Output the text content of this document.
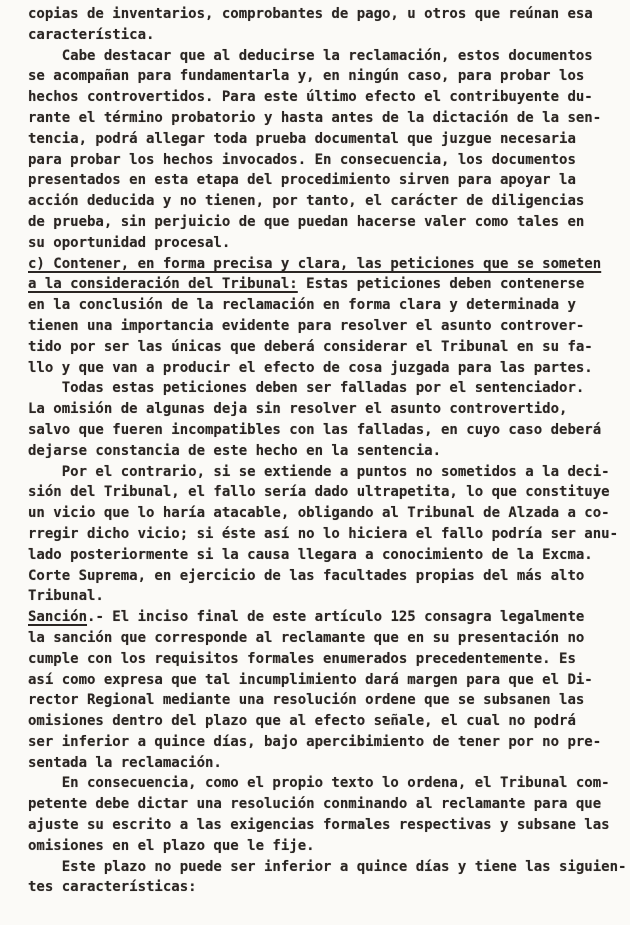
copias de inventarios, comprobantes de pago, u otros que reúnan esa
característica.
Cabe destacar que al deducirse la reclamación, estos documentos
se acompañan para fundamentarla y, en ningún caso, para probar los
hechos controvertidos. Para este último efecto el contribuyente du-
rante el término probatorio y hasta antes de la dictación de la sen-
tencia, podrá allegar toda prueba documental que juzgue necesaria
para probar los hechos invocados. En consecuencia, los documentos
presentados en esta etapa del procedimiento sirven para apoyar la
acción deducida y no tienen, por tanto, el carácter de diligencias
de prueba, sin perjuicio de que puedan hacerse valer como tales en
su oportunidad procesal.
c) Contener, en forma precisa y clara, las peticiones que se someten
a la consideración del Tribunal: Estas peticiones deben contenerse
en la conclusión de la reclamación en forma clara y determinada y
tienen una importancia evidente para resolver el asunto controver-
tido por ser las únicas que deberá considerar el Tribunal en su fa-
llo y que van a producir el efecto de cosa juzgada para las partes.
Todas estas peticiones deben ser falladas por el sentenciador.
La omisión de algunas deja sin resolver el asunto controvertido,
salvo que fueren incompatibles con las falladas, en cuyo caso deberá
dejarse constancia de este hecho en la sentencia.
Por el contrario, si se extiende a puntos no sometidos a la deci-
sión del Tribunal, el fallo sería dado ultrapetita, lo que constituye
un vicio que lo haría atacable, obligando al Tribunal de Alzada a co-
rregir dicho vicio; si éste así no lo hiciera el fallo podría ser anu-
lado posteriormente si la causa llegara a conocimiento de la Excma.
Corte Suprema, en ejercicio de las facultades propias del más alto
Tribunal.
Sanción.- El inciso final de este artículo 125 consagra legalmente
la sanción que corresponde al reclamante que en su presentación no
cumple con los requisitos formales enumerados precedentemente. Es
así como expresa que tal incumplimiento dará margen para que el Di-
rector Regional mediante una resolución ordene que se subsanen las
omisiones dentro del plazo que al efecto señale, el cual no podrá
ser inferior a quince días, bajo apercibimiento de tener por no pre-
sentada la reclamación.
En consecuencia, como el propio texto lo ordena, el Tribunal com-
petente debe dictar una resolución conminando al reclamante para que
ajuste su escrito a las exigencias formales respectivas y subsane las
omisiones en el plazo que le fije.
Este plazo no puede ser inferior a quince días y tiene las siguien-
tes características:
